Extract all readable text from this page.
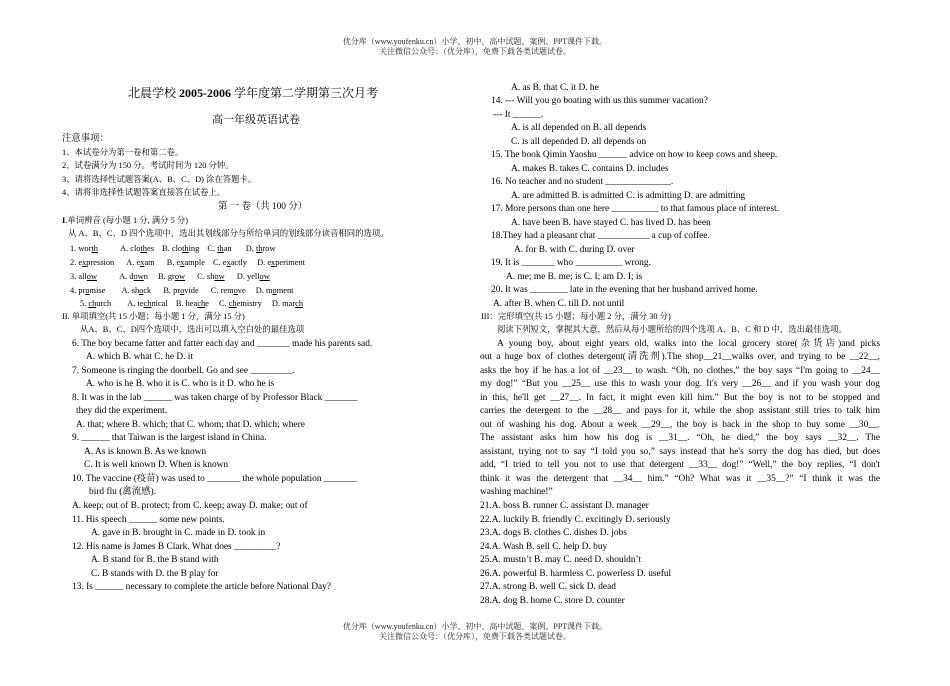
优分库（www.youfenku.cn）小学、初中、高中试题、案例、PPT课件下载。
关注微信公众号：（优分库），免费下载各类试题试卷。
北晨学校 2005-2006 学年度第二学期第三次月考
高一年级英语试卷
注意事项：
1、本试卷分为第一卷和第二卷。
2、试卷满分为 150 分。考试时间为 120 分钟。
3、请将选择性试题答案(A、B、C、D) 涂在答题卡。
4、请将非选择性试题答案直接答在试卷上。
第 一 卷（共 100 分）
I.单词辨音 (每小题 1 分, 满分 5 分)
从 A、B、C、D 四个选项中，选出其划线部分与所给单词的划线部分读音相同的选项。
1. worth	A. clothes B. clothing C. than D. throw
2. expression A. exam B. example C. exactly D. experiment
3. allow	A. down B. grow C. show D. yellow
4. promise A. shock B. provide C. remove D. moment
5. church A. technical B. heache C. chemistry D. march
II. 单项填空(共 15 小题；每小题 1 分，满分 15 分)
从A、B、C、D四个选项中，选出可以填入空白处的最佳选项
6. The boy became fatter and fatter each day and _______ made his parents sad.
A. which B. what C. he D. it
7. Someone is ringing the doorbell. Go and see _________.
A. who is he B. who it is C. who is it D. who he is
8. It was in the lab ______ was taken charge of by Professor Black _______
they did the experiment.
A. that; where B. which; that C. whom; that D. which; where
9. ______ that Taiwan is the largest island in China.
A. As is known B. As we known
C. It is well known D. When is known
10. The vaccine (疫苗) was used to _______ the whole population _______
bird flu (禽流感).
A. keep; out of B. protect; from C. keep; away D. make; out of
11. His speech ______ some new points.
A. gave in B. brought in C. made in D. took in
12. His name is James B Clark. What does _________?
A. B stand for B. the B stand with
C. B stands with D. the B play for
13. Is ______ necessary to complete the article before National Day?
A. as B. that C. it D. he
14. --- Will you go boating with us this summer vacation?
--- It ______.
A. is all depended on B. all depends
C. is all depended D. all depends on
15. The book Qimin Yaoshu ______ advice on how to keep cows and sheep.
A. makes B. takes C. contains D. includes
16. No teacher and no student ______________.
A. are admitted B. is admitted C. is admitting D. are admitting
17. More persons than one here __________ to that famous place of interest.
A. have been B. have stayed C. has lived D. has been
18.They had a pleasant chat ___________ a cup of coffee.
A. for B. with C. during D. over
19. It is _______ who __________ wrong.
A. me; me B. me; is C. I; am D. I; is
20. It was ________ late in the evening that her husband arrived home.
A. after B. when C. till D. not until
III：完形填空(共 15 小题；每小题 2 分，满分 30 分)
阅读下列短文，掌握其大意，然后从每小题所给的四个选项 A、B、C 和 D 中，选出最佳选项。
A young boy, about eight years old, walks into the local grocery store(杂货店)and picks
out a huge box of clothes detergent(清洗剂).The shop__21__walks over, and trying to be __22__,
asks the boy if he has a lot of __23__ to wash. “Oh, no clothes,” the boy says “I'm going to __24__
my dog!” “But you __25__ use this to wash your dog. It's very __26__ and if you wash your dog
in this, he'll get __27__. In fact, it might even kill him.” But the boy is not to be stopped and
carries the detergent to the __28__ and pays for it, while the shop assistant still tries to talk him
out of washing his dog. About a week __29__, the boy is back in the shop to buy some __30__.
The assistant asks him how his dog is __31__. “Oh, he died,” the boy says __32__. The
assistant, trying not to say “I told you so,” says instead that he's sorry the dog has died, but does
add, “I tried to tell you not to use that detergent __33__ dog!” “Well,” the boy replies, “I don't
think it was the detergent that __34__ him.” “Oh? What was it __35__?” “I think it was the
washing machine!”
21.A. boss B. runner C. assistant D. manager
22.A. luckily B. friendly C. excitingly D. seriously
23.A. dogs B. clothes C. dishes D. jobs
24.A. Wash B. sell C. help D. buy
25.A. mustn’t B. may C. need D. shouldn’t
26.A. powerful B. harmless C. powerless D. useful
27.A. strong B. well C. sick D. dead
28.A. dog B. home C. store D. counter
优分库（www.youfenku.cn）小学、初中、高中试题、案例、PPT课件下载。
关注微信公众号：（优分库），免费下载各类试题试卷。
